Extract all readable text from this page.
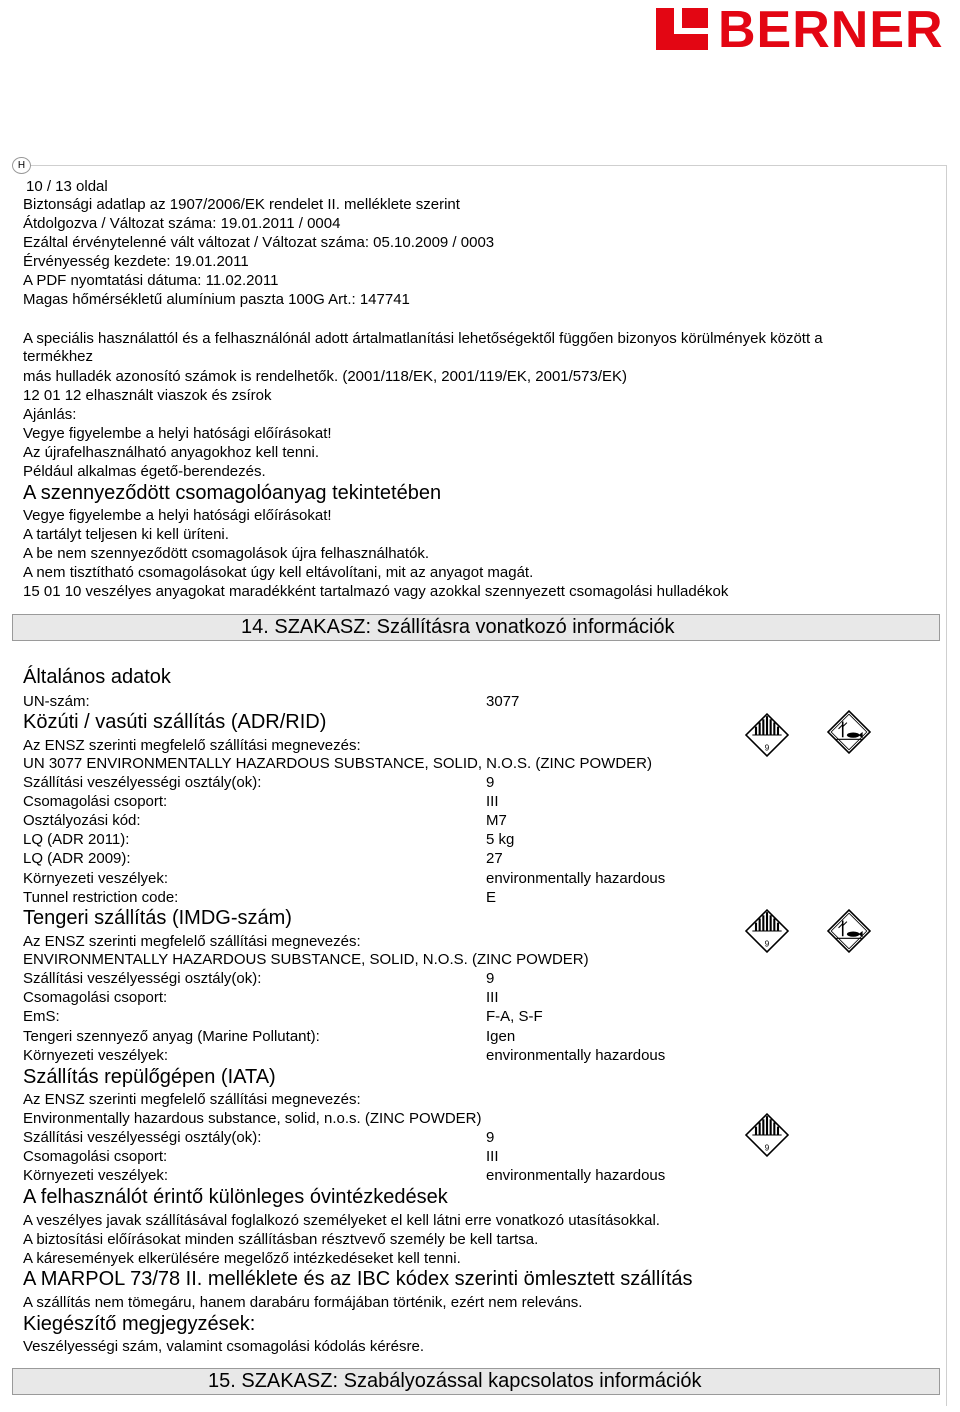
BERNER
H
10 / 13 oldal
Biztonsági adatlap az 1907/2006/EK rendelet II. melléklete szerint
Átdolgozva / Változat száma: 19.01.2011 / 0004
Ezáltal érvénytelenné vált változat / Változat száma: 05.10.2009 / 0003
Érvényesség kezdete: 19.01.2011
A PDF nyomtatási dátuma: 11.02.2011
Magas hőmérsékletű alumínium paszta 100G Art.: 147741
A speciális használattól és a felhasználónál adott ártalmatlanítási lehetőségektől függően bizonyos körülmények között a
termékhez
más hulladék azonosító számok is rendelhetők. (2001/118/EK, 2001/119/EK, 2001/573/EK)
12 01 12 elhasznált viaszok és zsírok
Ajánlás:
Vegye figyelembe a helyi hatósági előírásokat!
Az újrafelhasználható anyagokhoz kell tenni.
Például alkalmas égető-berendezés.
A szennyeződött csomagolóanyag tekintetében
Vegye figyelembe a helyi hatósági előírásokat!
A tartályt teljesen ki kell üríteni.
A be nem szennyeződött csomagolások újra felhasználhatók.
A nem tisztítható csomagolásokat úgy kell eltávolítani, mit az anyagot magát.
15 01 10 veszélyes anyagokat maradékként tartalmazó vagy azokkal szennyezett csomagolási hulladékok
14. SZAKASZ: Szállításra vonatkozó információk
Általános adatok
UN-szám:	3077
Közúti / vasúti szállítás (ADR/RID)
Az ENSZ szerinti megfelelő szállítási megnevezés:
UN 3077 ENVIRONMENTALLY HAZARDOUS SUBSTANCE, SOLID, N.O.S. (ZINC POWDER)
Szállítási veszélyességi osztály(ok):	9
Csomagolási csoport:	III
Osztályozási kód:	M7
LQ (ADR 2011):	5 kg
LQ (ADR 2009):	27
Környezeti veszélyek:	environmentally hazardous
Tunnel restriction code:	E
Tengeri szállítás (IMDG-szám)
Az ENSZ szerinti megfelelő szállítási megnevezés:
ENVIRONMENTALLY HAZARDOUS SUBSTANCE, SOLID, N.O.S. (ZINC POWDER)
Szállítási veszélyességi osztály(ok):	9
Csomagolási csoport:	III
EmS:	F-A, S-F
Tengeri szennyező anyag (Marine Pollutant):	Igen
Környezeti veszélyek:	environmentally hazardous
Szállítás repülőgépen (IATA)
Az ENSZ szerinti megfelelő szállítási megnevezés:
Environmentally hazardous substance, solid, n.o.s. (ZINC POWDER)
Szállítási veszélyességi osztály(ok):	9
Csomagolási csoport:	III
Környezeti veszélyek:	environmentally hazardous
A felhasználót érintő különleges óvintézkedések
A veszélyes javak szállításával foglalkozó személyeket el kell látni erre vonatkozó utasításokkal.
A biztosítási előírásokat minden szállításban résztvevő személy be kell tartsa.
A káresemények elkerülésére megelőző intézkedéseket kell tenni.
A MARPOL 73/78 II. melléklete és az IBC kódex szerinti ömlesztett szállítás
A szállítás nem tömegáru, hanem darabáru formájában történik, ezért nem releváns.
Kiegészítő megjegyzések:
Veszélyességi szám, valamint csomagolási kódolás kérésre.
15. SZAKASZ: Szabályozással kapcsolatos információk
9
9
9
